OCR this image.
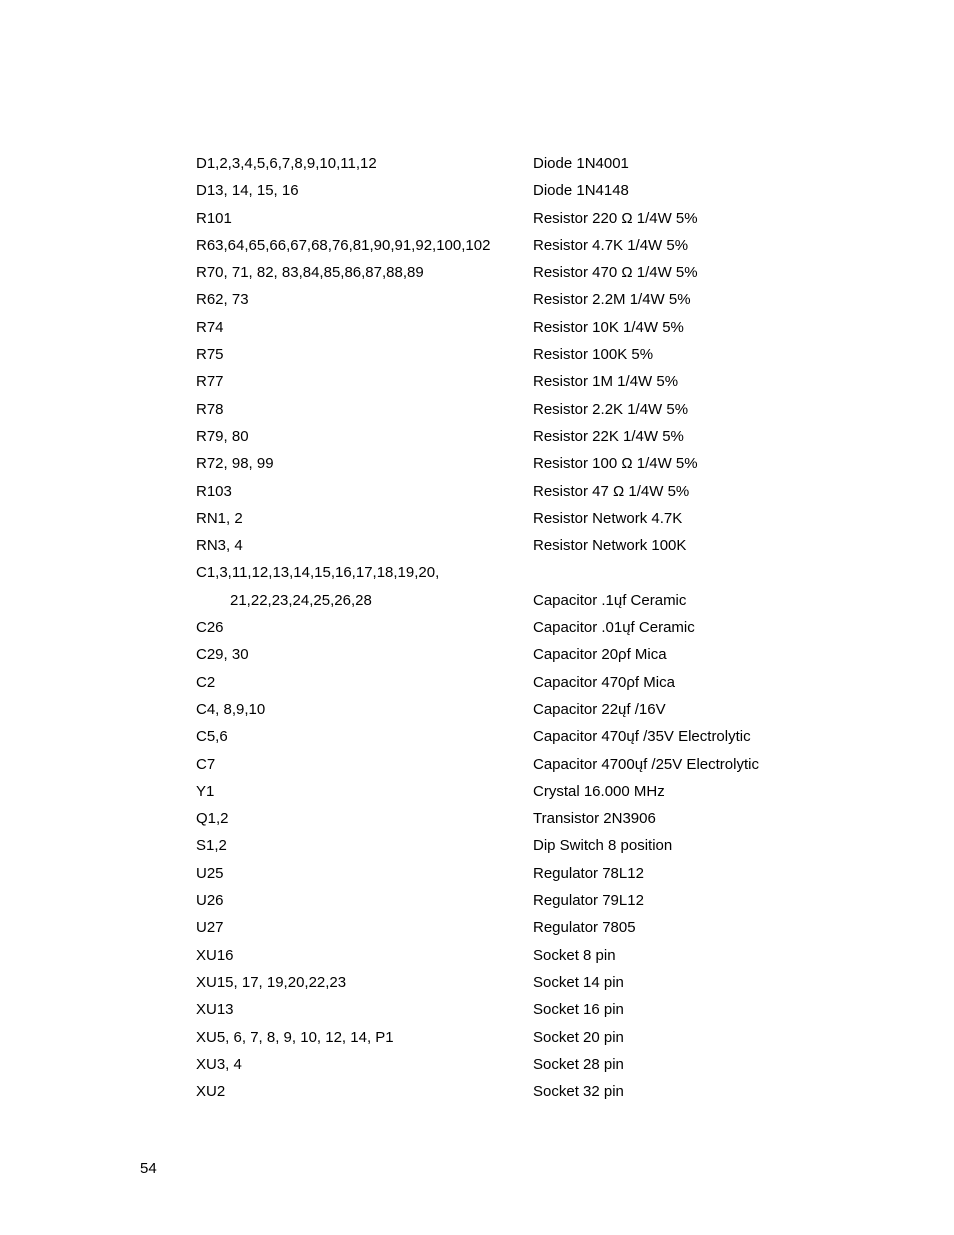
D1,2,3,4,5,6,7,8,9,10,11,12	Diode 1N4001
D13, 14, 15, 16	Diode 1N4148
R101	Resistor 220 Ω 1/4W 5%
R63,64,65,66,67,68,76,81,90,91,92,100,102	Resistor 4.7K 1/4W 5%
R70, 71, 82, 83,84,85,86,87,88,89	Resistor 470 Ω 1/4W 5%
R62, 73	Resistor 2.2M 1/4W 5%
R74	Resistor 10K 1/4W 5%
R75	Resistor 100K 5%
R77	Resistor 1M 1/4W 5%
R78	Resistor 2.2K 1/4W 5%
R79, 80	Resistor 22K 1/4W 5%
R72, 98, 99	Resistor 100 Ω 1/4W 5%
R103	Resistor 47 Ω 1/4W 5%
RN1, 2	Resistor Network 4.7K
RN3, 4	Resistor Network 100K
C1,3,11,12,13,14,15,16,17,18,19,20,
21,22,23,24,25,26,28	Capacitor .1ųf Ceramic
C26	Capacitor .01ųf Ceramic
C29, 30	Capacitor 20ρf Mica
C2	Capacitor 470ρf Mica
C4, 8,9,10	Capacitor 22ųf /16V
C5,6	Capacitor 470ųf /35V Electrolytic
C7	Capacitor 4700ųf /25V Electrolytic
Y1	Crystal 16.000 MHz
Q1,2	Transistor 2N3906
S1,2	Dip Switch 8 position
U25	Regulator 78L12
U26	Regulator 79L12
U27	Regulator 7805
XU16	Socket 8 pin
XU15, 17, 19,20,22,23	Socket 14 pin
XU13	Socket 16 pin
XU5, 6, 7, 8, 9, 10, 12, 14, P1	Socket 20 pin
XU3, 4	Socket 28 pin
XU2	Socket 32 pin
54
